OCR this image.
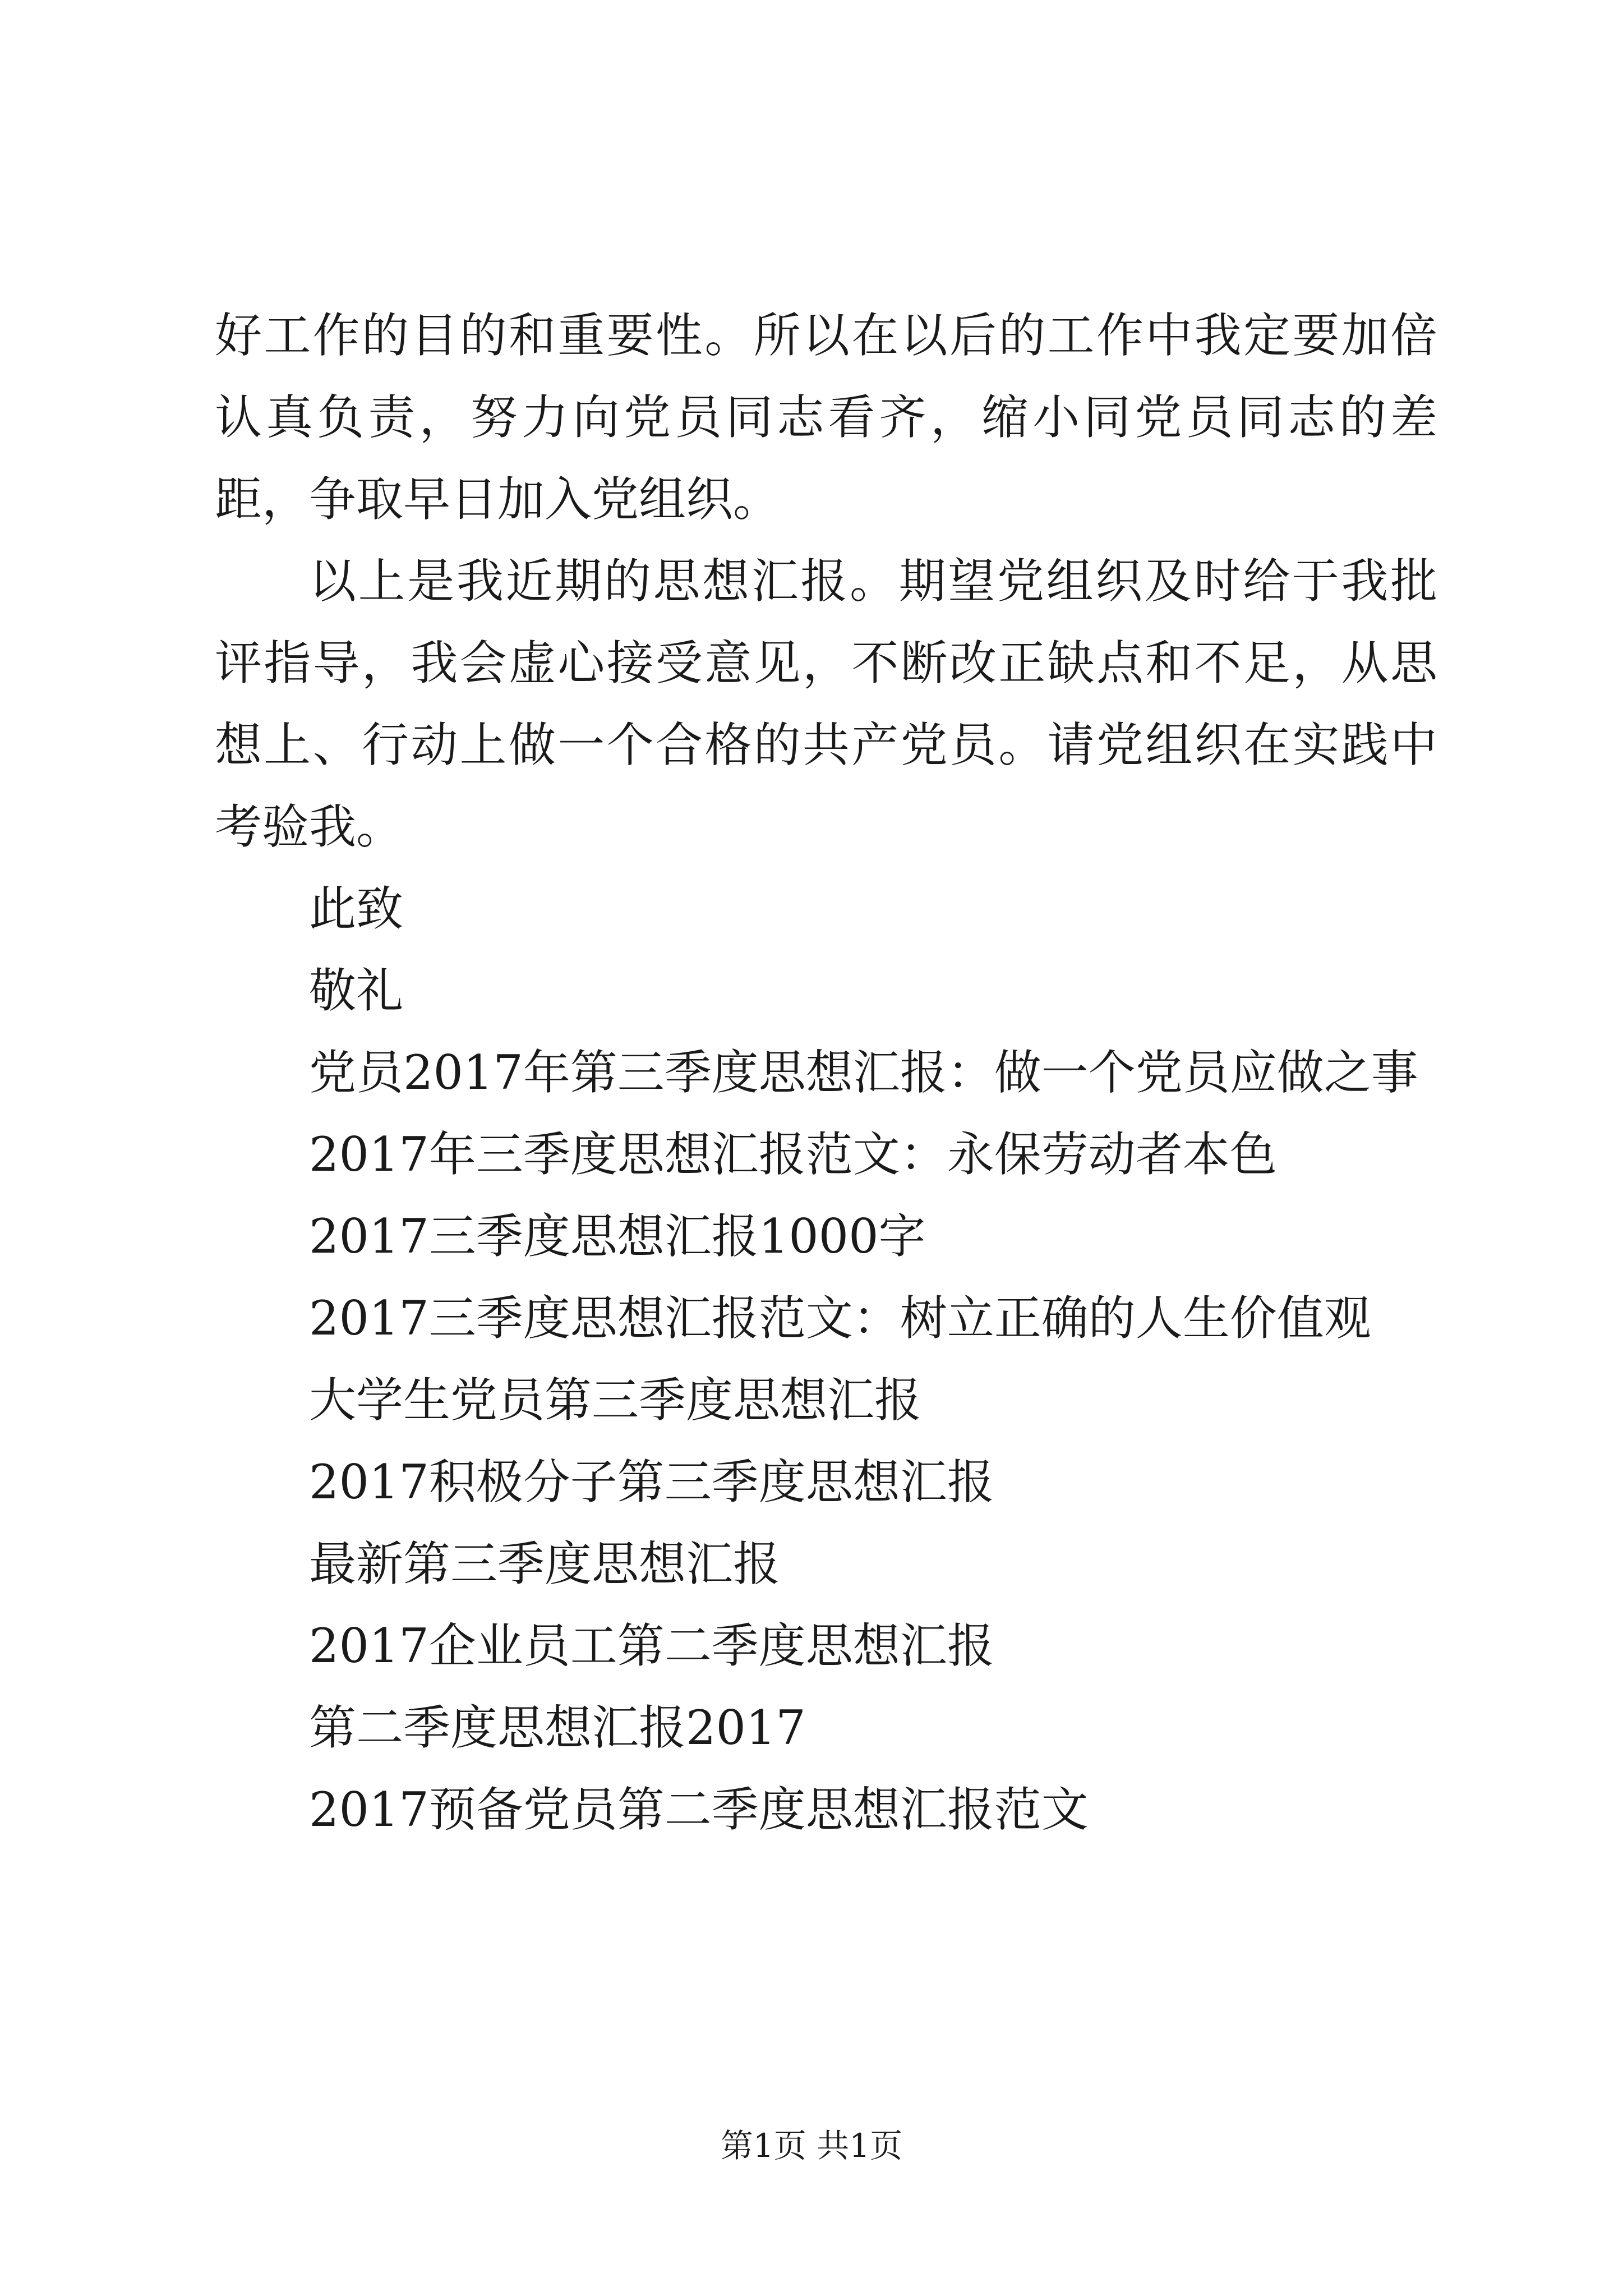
好工作的目的和重要性。所以在以后的工作中我定要加倍认真负责，努力向党员同志看齐，缩小同党员同志的差距，争取早日加入党组织。

以上是我近期的思想汇报。期望党组织及时给于我批评指导，我会虚心接受意见，不断改正缺点和不足，从思想上、行动上做一个合格的共产党员。请党组织在实践中考验我。

此致

敬礼

党员2017年第三季度思想汇报：做一个党员应做之事

2017年三季度思想汇报范文：永保劳动者本色

2017三季度思想汇报1000字

2017三季度思想汇报范文：树立正确的人生价值观

大学生党员第三季度思想汇报

2017积极分子第三季度思想汇报

最新第三季度思想汇报

2017企业员工第二季度思想汇报

第二季度思想汇报2017

2017预备党员第二季度思想汇报范文

第1页 共1页
